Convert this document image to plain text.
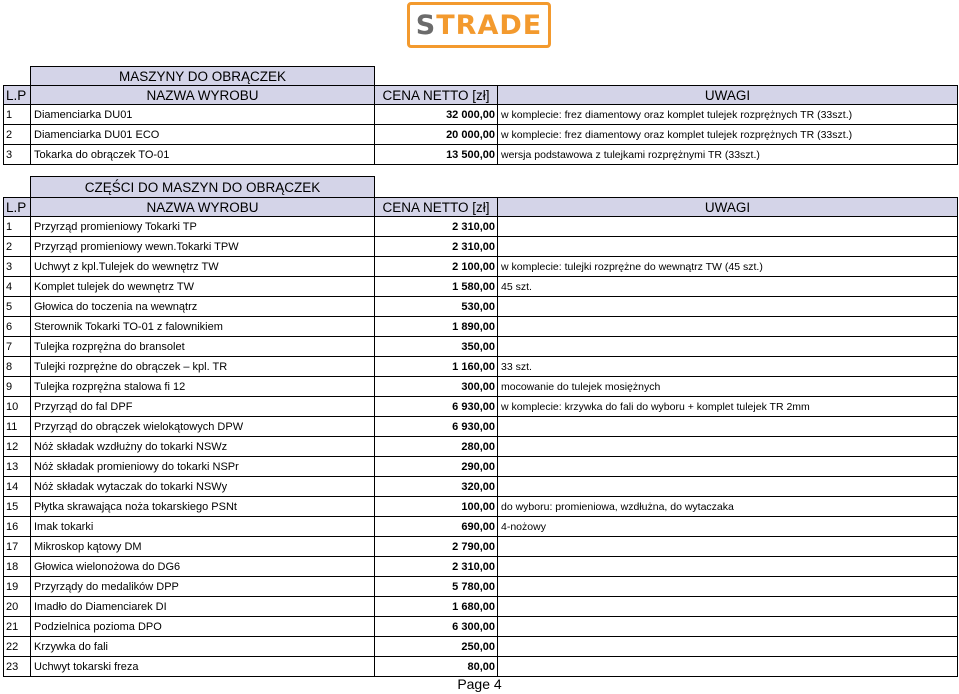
STRADE
	MASZYNY DO OBRĄCZEK		
L.P	NAZWA WYROBU	CENA NETTO [zł]	UWAGI
1	Diamenciarka DU01	32 000,00	w komplecie: frez diamentowy oraz komplet tulejek rozprężnych TR (33szt.)
2	Diamenciarka DU01 ECO	20 000,00	w komplecie: frez diamentowy oraz komplet tulejek rozprężnych TR (33szt.)
3	Tokarka do obrączek TO-01	13 500,00	wersja podstawowa z tulejkami rozprężnymi TR (33szt.)
	CZĘŚCI DO MASZYN DO OBRĄCZEK		
L.P	NAZWA WYROBU	CENA NETTO [zł]	UWAGI
1	Przyrząd promieniowy Tokarki TP	2 310,00	
2	Przyrząd promieniowy wewn.Tokarki TPW	2 310,00	
3	Uchwyt z kpl.Tulejek do wewnętrz TW	2 100,00	w komplecie: tulejki rozprężne do wewnątrz TW (45 szt.)
4	Komplet tulejek do wewnętrz TW	1 580,00	45 szt.
5	Głowica do toczenia na wewnątrz	530,00	
6	Sterownik Tokarki TO-01 z falownikiem	1 890,00	
7	Tulejka rozprężna do bransolet	350,00	
8	Tulejki rozprężne do obrączek – kpl. TR	1 160,00	33 szt.
9	Tulejka rozprężna stalowa fi 12	300,00	mocowanie do tulejek mosiężnych
10	Przyrząd do fal DPF	6 930,00	w komplecie: krzywka do fali do wyboru + komplet tulejek TR 2mm
11	Przyrząd do obrączek wielokątowych DPW	6 930,00	
12	Nóż składak wzdłużny do tokarki NSWz	280,00	
13	Nóż składak promieniowy do tokarki NSPr	290,00	
14	Nóż składak wytaczak do tokarki NSWy	320,00	
15	Płytka skrawająca noża tokarskiego PSNt	100,00	do wyboru: promieniowa, wzdłużna, do wytaczaka
16	Imak tokarki	690,00	4-nożowy
17	Mikroskop kątowy DM	2 790,00	
18	Głowica wielonożowa do DG6	2 310,00	
19	Przyrządy do medalików DPP	5 780,00	
20	Imadło do Diamenciarek DI	1 680,00	
21	Podzielnica pozioma DPO	6 300,00	
22	Krzywka do fali	250,00	
23	Uchwyt tokarski freza	80,00	
Page 4
